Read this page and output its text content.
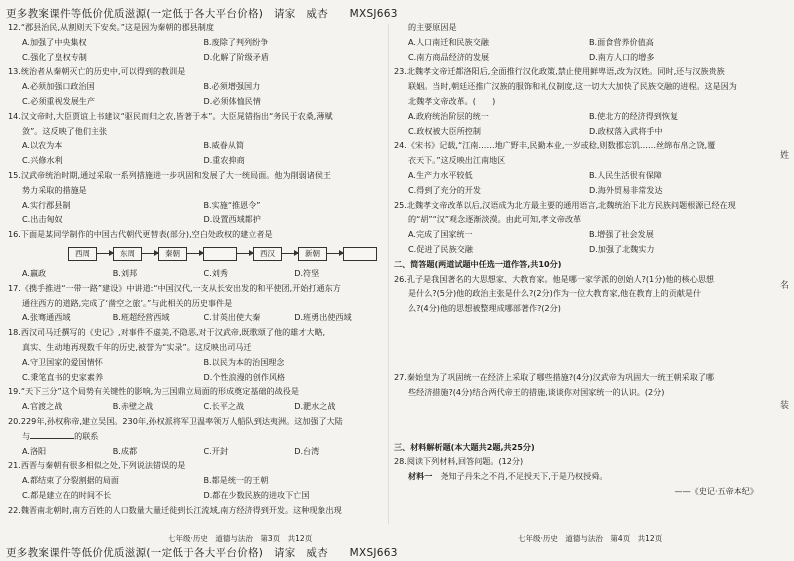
更多教案课件等低价优质滋源(一定低于各大平台价格)　请家　威杏　　MXSJ663

12.“郡县治民,从割则天下安矣。”这是因为秦朝的郡县制度

A.加强了中央集权	B.废除了判列纷争
C.强化了皇权专制	D.化解了阶级矛盾

13.统治者从秦朝灭亡的历史中,可以得到的教训是

A.必须加强口政治国	B.必须增强国力
C.必须重视发展生产	D.必须体恤民情

14.汉文帝时,大臣贾谊上书建议“驱民而归之农,皆著于本”。大臣晁错指出“务民于农桑,薄赋

敛”。这反映了他们主张

A.以农为本	B.威眷从简
C.兴修水利	D.重农抑商

15.汉武帝统治时期,通过采取一系列措施进一步巩固和发展了大一统局面。他为削弱诸侯王

势力采取的措施是

A.实行郡县制	B.实施“推恩令”
C.出击匈奴	D.设置西域都护

16.下面是某同学制作的中国古代朝代更替表(部分),空白处政权的建立者是

西周	东周	秦朝	西汉	新朝
A.嬴政	B.刘邦	C.刘秀	D.符坚

17.《携手推进“一带一路”建设》中讲道:“中国汉代,一支从长安出发的和平使团,开始打通东方

通往西方的道路,完成了‘凿空之旅’。”与此相关的历史事件是

A.张骞通西域	B.班超经营西域	C.甘英出使大秦	D.班勇出使西域

18.西汉司马迁撰写的《史记》,对事件不虚美,不隐恶,对于汉武帝,既歌颂了他的雄才大略,

真实、生动地再现数千年的历史,被誉为“实录”。这反映出司马迁

A.守卫国家的爱国情怀	B.以民为本的治国理念
C.秉笔直书的史家素养	D.个性浪漫的创作风格

19.“天下三分”这个局势有关键性的影响,为三国鼎立局面的形成奠定基础的战役是

A.官渡之战	B.赤壁之战	C.长平之战	D.淝水之战

20.229年,孙权称帝,建立吴国。230年,孙权派将军卫温率领万人船队到达夷洲。这加强了大陆

与	的联系

A.洛阳	B.成都	C.开封	D.台湾

21.西晋与秦朝有很多相似之处,下列说法错误的是

A.都结束了分裂割据的局面	B.都是统一的王朝
C.都是建立在的时间不长	D.都在少数民族的进攻下亡国

22.魏晋南北朝时,南方百姓的人口数量大量迁徙到长江流域,南方经济得到开发。这种现象出现

的主要原因是

A.人口南迁和民族交融	B.面食营养价值高
C.南方商品经济的发展	D.南方人口的增多

23.北魏孝文帝迁都洛阳后,全面推行汉化政策,禁止使用鲜卑语,改为汉姓。同时,还与汉族贵族

联姻。当时,朝廷还推广汉族的服饰和礼仪制度,这一切大大加快了民族交融的进程。这是因为

北魏孝文帝改革。(　　)

A.政府统治阶层的统一	B.使北方的经济得到恢复
C.政权被大臣所控制	D.政权落入武将手中

24.《宋书》记载,“江南……地广野丰,民勤本业,一岁或稔,则数郡忘饥……丝绵布帛之饶,覆

衣天下。”这反映出江南地区

A.生产力水平较低	B.人民生活很有保障
C.得到了充分的开发	D.海外贸易非常发达

25.北魏孝文帝改革以后,汉语成为北方最主要的通用语言,北魏统治下北方民族问题根源已经在现

的“胡”“汉”观念逐渐淡漠。由此可知,孝文帝改革

A.完成了国家统一	B.增强了社会发展
C.促进了民族交融	D.加强了北魏实力

二、简答题(两道试题中任选一道作答,共10分)

26.孔子是我国著名的大思想家、大教育家。他是哪一家学派的创始人?(1分)他的核心思想

是什么?(5分)他的政治主张是什么?(2分)作为一位大教育家,他在教育上的贡献是什

么?(4分)他的思想被整理成哪部著作?(2分)

27.秦始皇为了巩固统一在经济上采取了哪些措施?(4分)汉武帝为巩固大一统王朝采取了哪

些经济措施?(4分)结合两代帝王的措施,谈谈你对国家统一的认识。(2分)

三、材料解析题(本大题共2题,共25分)

28.阅读下列材料,回答问题。(12分)

材料一　 尧知子丹朱之不肖,不足授天下,于是乃权授舜。

——《史记·五帝本纪》

七年级·历史　道德与法治　第3页　共12页	七年级·历史　道德与法治　第4页　共12页
姓
名
装
更多教案课件等低价优质滋源(一定低于各大平台价格)　请家　威杏　　MXSJ663
